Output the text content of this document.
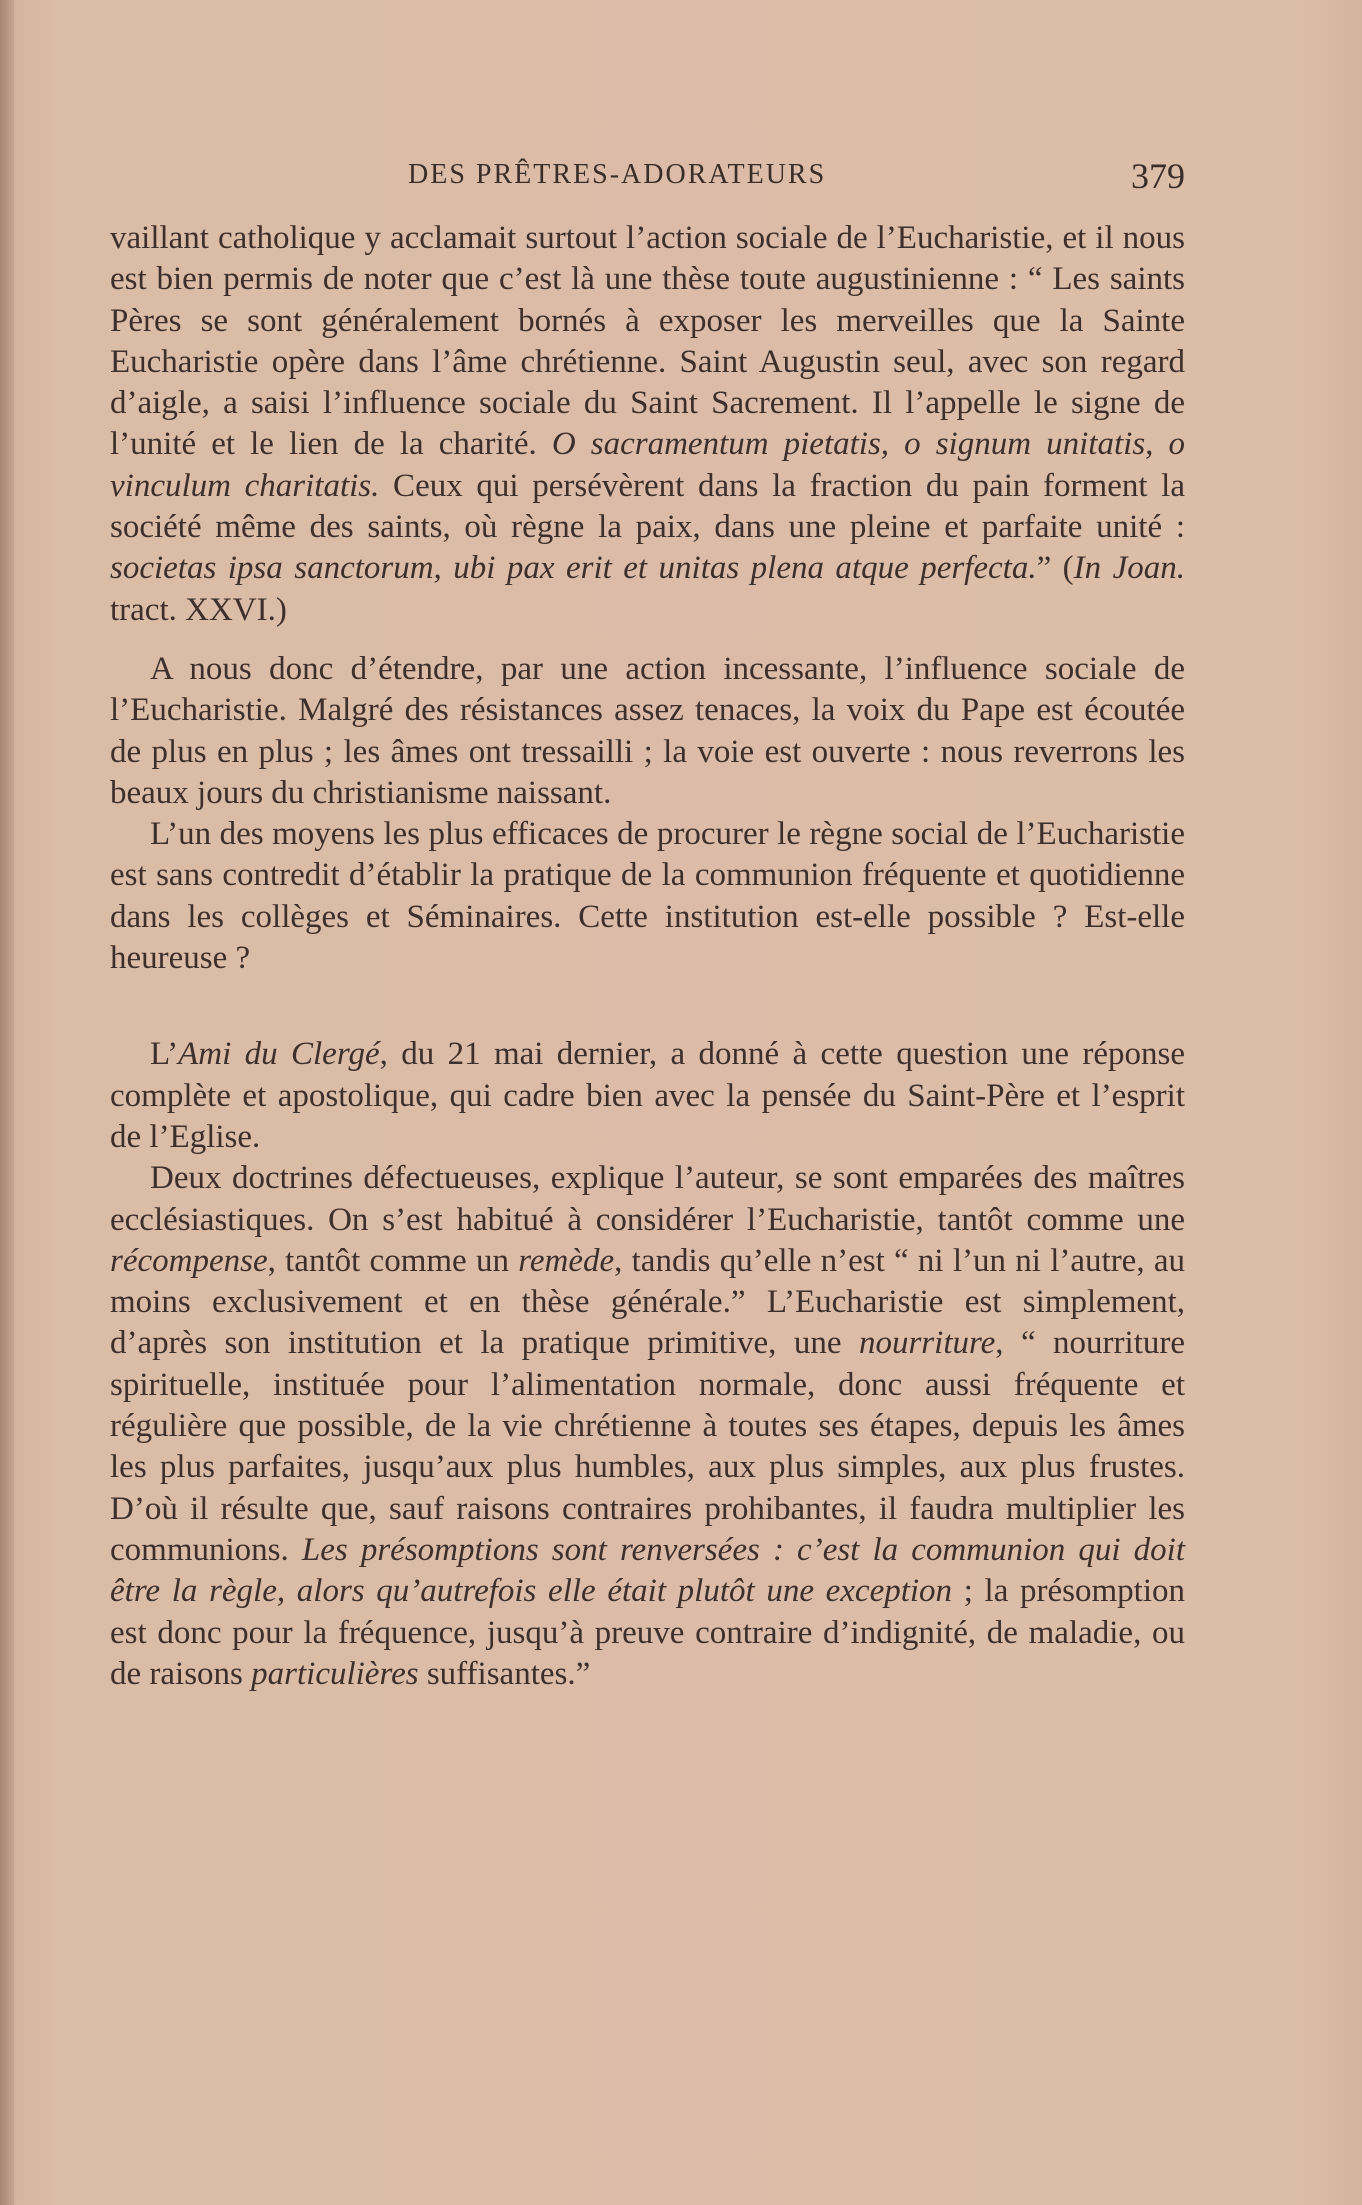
DES PRÊTRES-ADORATEURS	379

vaillant catholique y acclamait surtout l’action sociale de l’Eucharistie, et il nous est bien permis de noter que c’est là une thèse toute augustinienne : “ Les saints Pères se sont généralement bornés à exposer les merveilles que la Sainte Eucharistie opère dans l’âme chrétienne. Saint Augustin seul, avec son regard d’aigle, a saisi l’influence sociale du Saint Sacrement. Il l’appelle le signe de l’unité et le lien de la charité. O sacramentum pietatis, o signum unitatis, o vinculum charitatis. Ceux qui persévèrent dans la fraction du pain forment la société même des saints, où règne la paix, dans une pleine et parfaite unité : societas ipsa sanctorum, ubi pax erit et unitas plena atque perfecta.” (In Joan. tract. XXVI.)

A nous donc d’étendre, par une action incessante, l’influence sociale de l’Eucharistie. Malgré des résistances assez tenaces, la voix du Pape est écoutée de plus en plus ; les âmes ont tressailli ; la voie est ouverte : nous reverrons les beaux jours du christianisme naissant.

L’un des moyens les plus efficaces de procurer le règne social de l’Eucharistie est sans contredit d’établir la pratique de la communion fréquente et quotidienne dans les collèges et Séminaires. Cette institution est-elle possible ? Est-elle heureuse ?

L’Ami du Clergé, du 21 mai dernier, a donné à cette question une réponse complète et apostolique, qui cadre bien avec la pensée du Saint-Père et l’esprit de l’Eglise.

Deux doctrines défectueuses, explique l’auteur, se sont emparées des maîtres ecclésiastiques. On s’est habitué à considérer l’Eucharistie, tantôt comme une récompense, tantôt comme un remède, tandis qu’elle n’est “ ni l’un ni l’autre, au moins exclusivement et en thèse générale.” L’Eucharistie est simplement, d’après son institution et la pratique primitive, une nourriture, “ nourriture spirituelle, instituée pour l’alimentation normale, donc aussi fréquente et régulière que possible, de la vie chrétienne à toutes ses étapes, depuis les âmes les plus parfaites, jusqu’aux plus humbles, aux plus simples, aux plus frustes. D’où il résulte que, sauf raisons contraires prohibantes, il faudra multiplier les communions. Les présomptions sont renversées : c’est la communion qui doit être la règle, alors qu’autrefois elle était plutôt une exception ; la présomption est donc pour la fréquence, jusqu’à preuve contraire d’indignité, de maladie, ou de raisons particulières suffisantes.”
